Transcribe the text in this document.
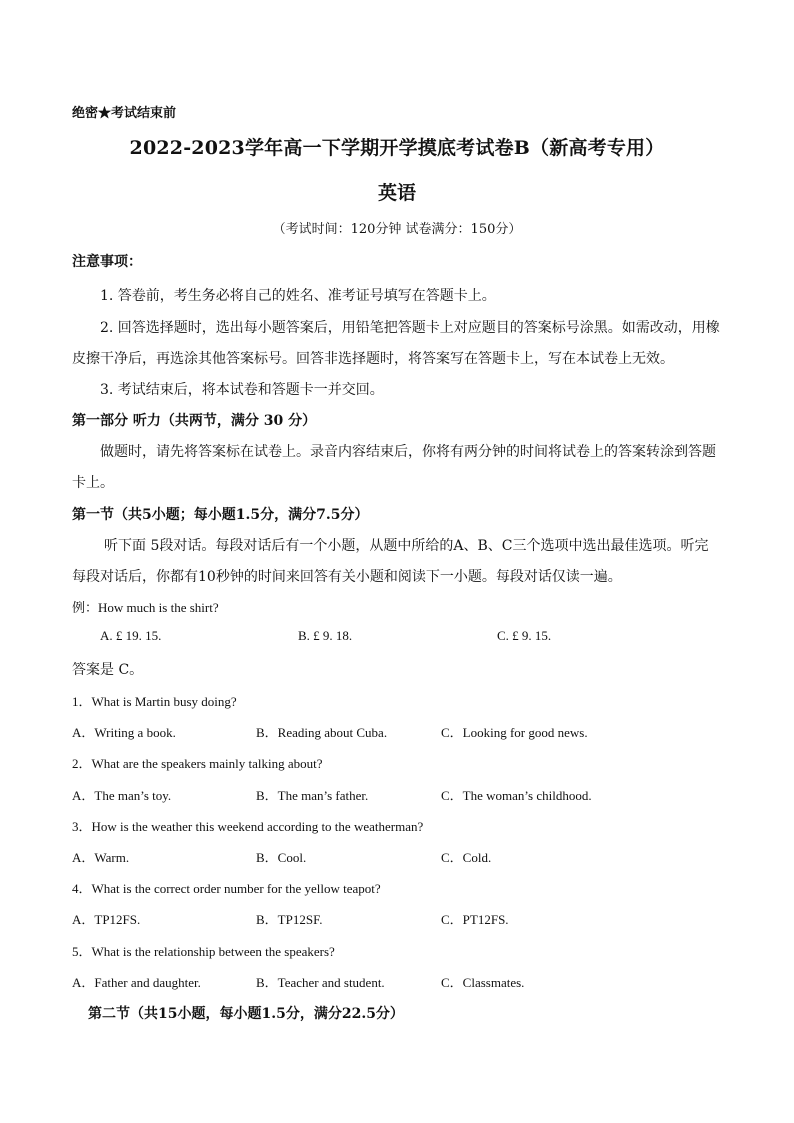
绝密★考试结束前
2022-2023学年高一下学期开学摸底考试卷B（新高考专用）
英语
（考试时间：120分钟 试卷满分：150分）
注意事项：
1. 答卷前，考生务必将自己的姓名、准考证号填写在答题卡上。
2. 回答选择题时，选出每小题答案后，用铅笔把答题卡上对应题目的答案标号涂黑。如需改动，用橡
皮擦干净后，再选涂其他答案标号。回答非选择题时，将答案写在答题卡上，写在本试卷上无效。
3. 考试结束后，将本试卷和答题卡一并交回。
第一部分 听力（共两节，满分 30 分）
做题时，请先将答案标在试卷上。录音内容结束后，你将有两分钟的时间将试卷上的答案转涂到答题
卡上。
第一节（共5小题；每小题1.5分，满分7.5分）
听下面 5段对话。每段对话后有一个小题，从题中所给的A、B、C三个选项中选出最佳选项。听完
每段对话后，你都有10秒钟的时间来回答有关小题和阅读下一小题。每段对话仅读一遍。
例：How much is the shirt?
A. £ 19. 15.	B. £ 9. 18.	C. £ 9. 15.
答案是 C。
1．What is Martin busy doing?
A．Writing a book.	B．Reading about Cuba.	C．Looking for good news.
2．What are the speakers mainly talking about?
A．The man’s toy.	B．The man’s father.	C．The woman’s childhood.
3．How is the weather this weekend according to the weatherman?
A．Warm.	B．Cool.	C．Cold.
4．What is the correct order number for the yellow teapot?
A．TP12FS.	B．TP12SF.	C．PT12FS.
5．What is the relationship between the speakers?
A．Father and daughter.	B．Teacher and student.	C．Classmates.
第二节（共15小题，每小题1.5分，满分22.5分）
